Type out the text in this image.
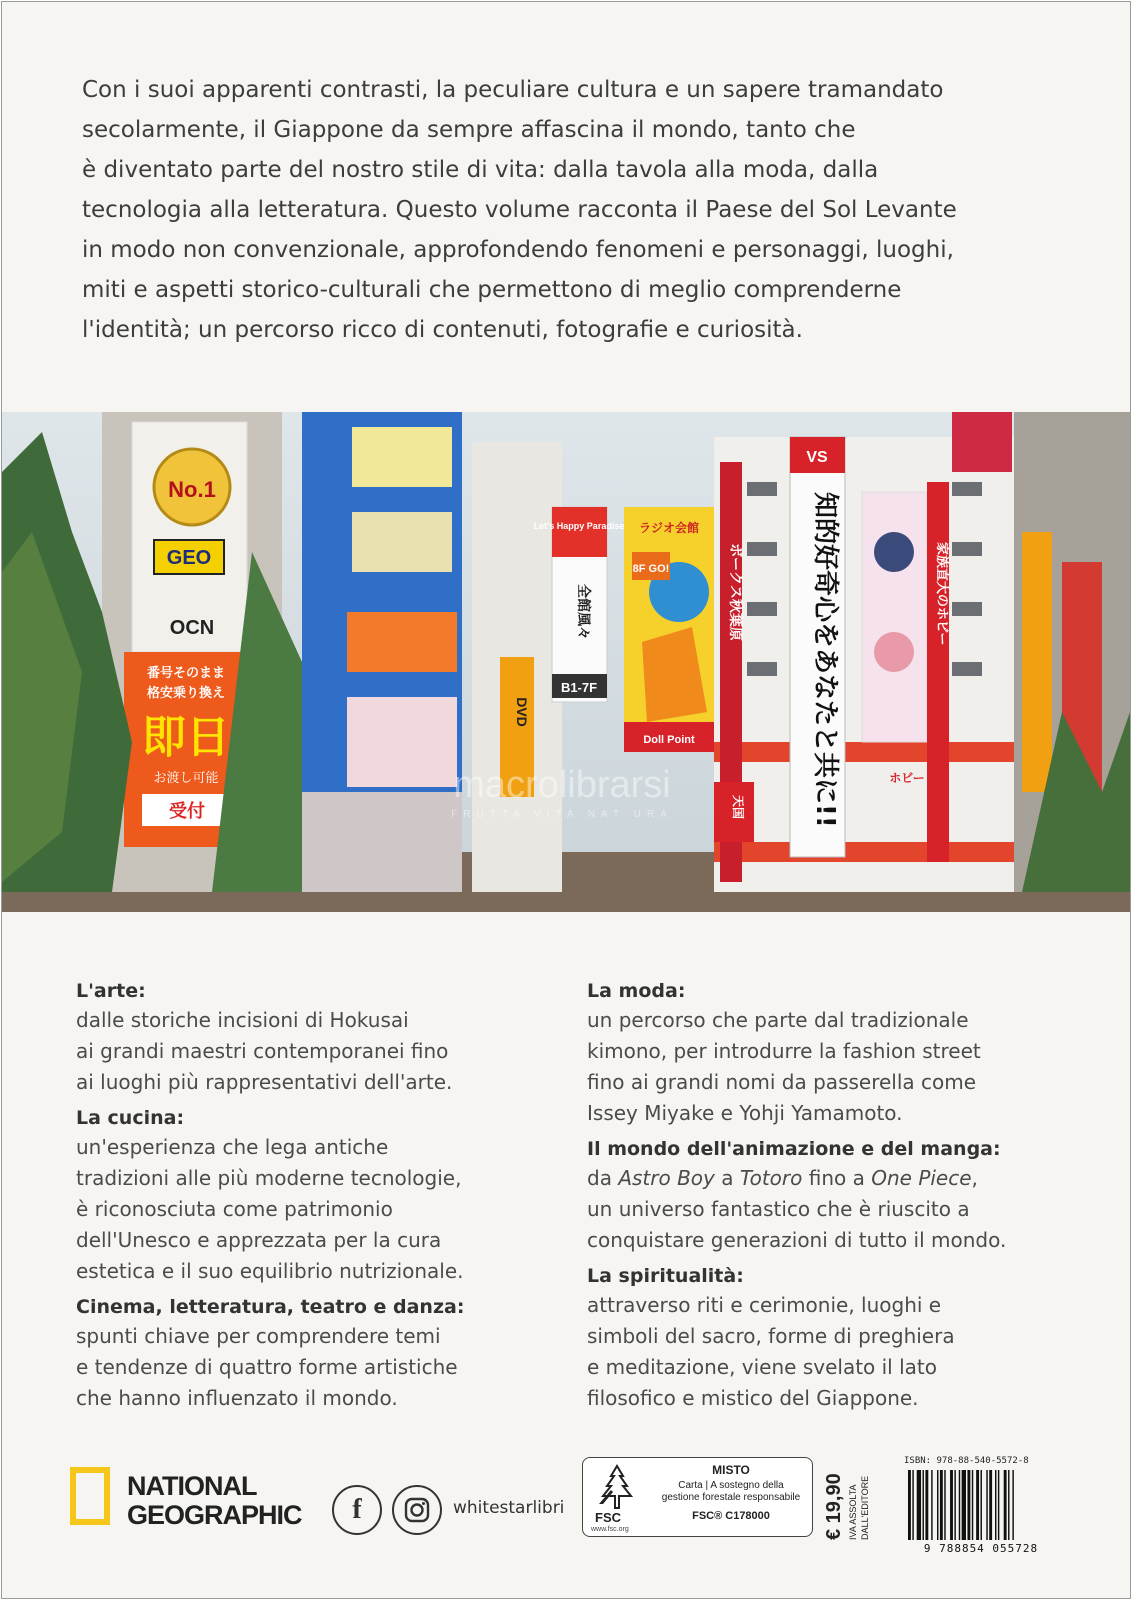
Con i suoi apparenti contrasti, la peculiare cultura e un sapere tramandato
secolarmente, il Giappone da sempre affascina il mondo, tanto che
è diventato parte del nostro stile di vita: dalla tavola alla moda, dalla
tecnologia alla letteratura. Questo volume racconta il Paese del Sol Levante
in modo non convenzionale, approfondendo fenomeni e personaggi, luoghi,
miti e aspetti storico-culturali che permettono di meglio comprenderne
l'identità; un percorso ricco di contenuti, fotografie e curiosità.

No.1
GEO
OCN
番号そのまま
格安乗り換え
即日
お渡し可能
受付
Let's Happy Paradise
全館風々
B1-7F
DVD
ラジオ会館
8F GO!
Doll Point
ボークス秋葉原
VS
知的好奇心をあなたと共に!!	家族直大のホビー
天国
ホビー
macrolibrarsi
FRUTTA VITA NAT URA
L'arte:
dalle storiche incisioni di Hokusai
ai grandi maestri contemporanei fino
ai luoghi più rappresentativi dell'arte.
La cucina:
un'esperienza che lega antiche
tradizioni alle più moderne tecnologie,
è riconosciuta come patrimonio
dell'Unesco e apprezzata per la cura
estetica e il suo equilibrio nutrizionale.
Cinema, letteratura, teatro e danza:
spunti chiave per comprendere temi
e tendenze di quattro forme artistiche
che hanno influenzato il mondo.
La moda:
un percorso che parte dal tradizionale
kimono, per introdurre la fashion street
fino ai grandi nomi da passerella come
Issey Miyake e Yohji Yamamoto.
Il mondo dell'animazione e del manga:
da Astro Boy a Totoro fino a One Piece,
un universo fantastico che è riuscito a
conquistare generazioni di tutto il mondo.
La spiritualità:
attraverso riti e cerimonie, luoghi e
simboli del sacro, forme di preghiera
e meditazione, viene svelato il lato
filosofico e mistico del Giappone.
NATIONAL
GEOGRAPHIC f	whitestarlibri FSC
www.fsc.org
MISTO
Carta | A sostegno della
gestione forestale responsabile
FSC® C178000	€ 19,90 IVA ASSOLTA DALL'EDITORE
ISBN: 978-88-540-5572-8
9 788854 055728
